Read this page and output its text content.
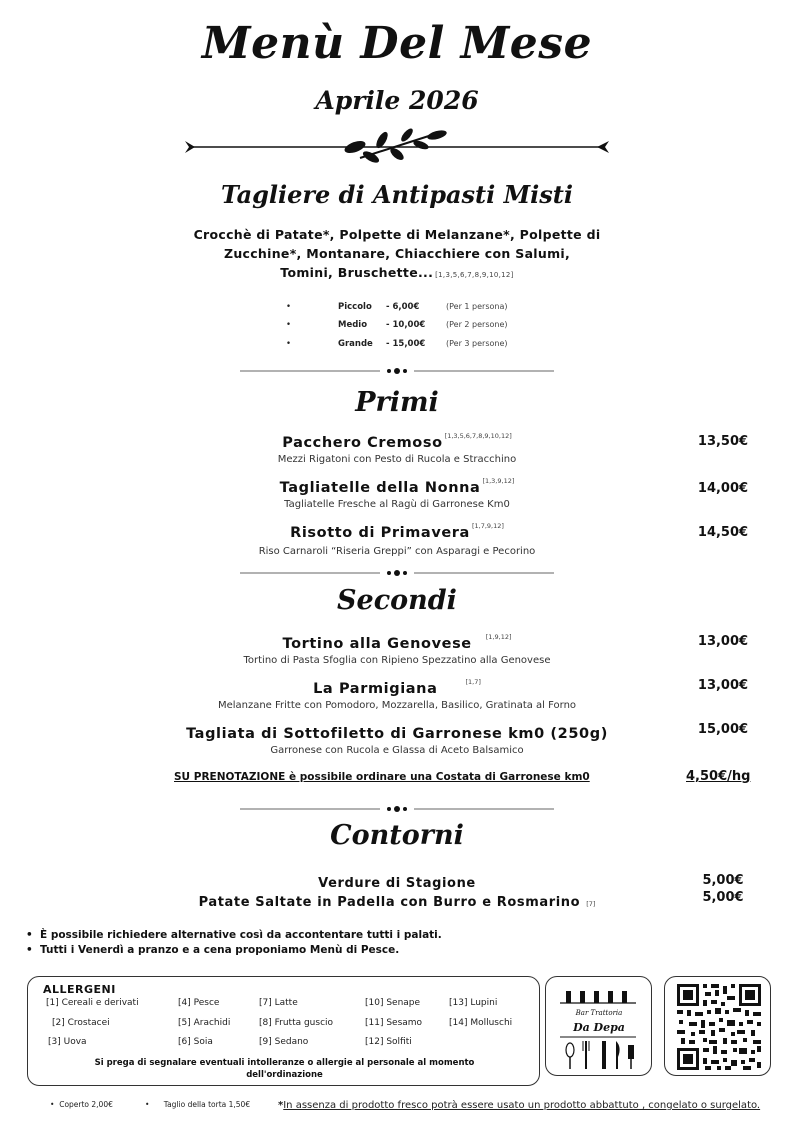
Menù Del Mese
Aprile 2026
Tagliere di Antipasti Misti
Crocchè di Patate*, Polpette di Melanzane*, Polpette di
Zucchine*, Montanare, Chiacchiere con Salumi,
Tomini, Bruschette... [1,3,5,6,7,8,9,10,12]
•	Piccolo - 6,00€	(Per 1 persona)
•	Medio - 10,00€	(Per 2 persone)
•	Grande - 15,00€	(Per 3 persone)
Primi
Pacchero Cremoso [1,3,5,6,7,8,9,10,12]
Mezzi Rigatoni con Pesto di Rucola e Stracchino
13,50€
Tagliatelle della Nonna [1,3,9,12]
Tagliatelle Fresche al Ragù di Garronese Km0
14,00€
Risotto di Primavera [1,7,9,12]
Riso Carnaroli “Riseria Greppi” con Asparagi e Pecorino
14,50€
Secondi
Tortino alla Genovese [1,9,12]
Tortino di Pasta Sfoglia con Ripieno Spezzatino alla Genovese
13,00€
La Parmigiana	[1,7]
Melanzane Fritte con Pomodoro, Mozzarella, Basilico, Gratinata al Forno
13,00€
Tagliata di Sottofiletto di Garronese km0 (250g)
Garronese con Rucola e Glassa di Aceto Balsamico
15,00€
SU PRENOTAZIONE è possibile ordinare una Costata di Garronese km0	4,50€/hg
Contorni
Verdure di Stagione	5,00€
Patate Saltate in Padella con Burro e Rosmarino [7]	5,00€
• È possibile richiedere alternative così da accontentare tutti i palati.
• Tutti i Venerdì a pranzo e a cena proponiamo Menù di Pesce.
ALLERGENI
[1] Cereali e derivati	[4] Pesce	[7] Latte	[10] Senape	[13] Lupini
[2] Crostacei	[5] Arachidi	[8] Frutta guscio	[11] Sesamo	[14] Molluschi
[3] Uova	[6] Soia	[9] Sedano	[12] Solfiti
Si prega di segnalare eventuali intolleranze o allergie al personale al momento
dell'ordinazione
Bar Trattoria
Da Depa
•  Coperto 2,00€	•      Taglio della torta 1,50€	*In assenza di prodotto fresco potrà essere usato un prodotto abbattuto , congelato o surgelato.
